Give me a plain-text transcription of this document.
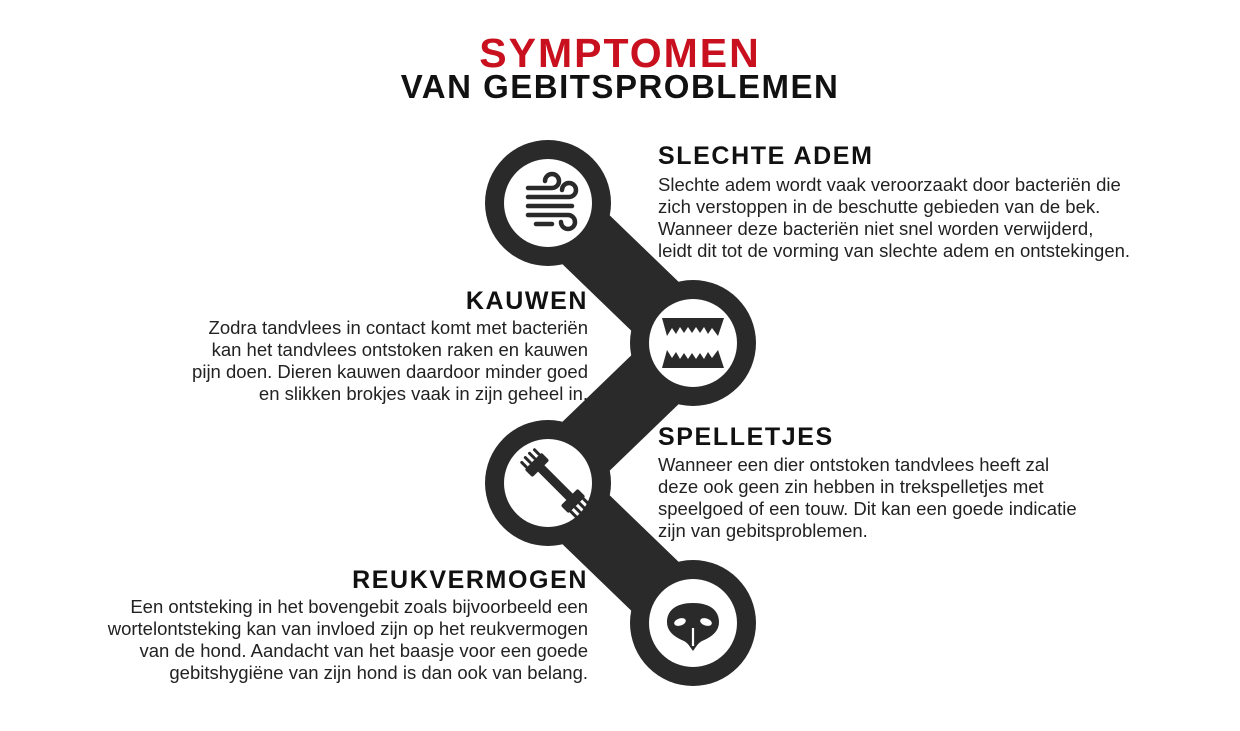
SYMPTOMEN
VAN GEBITSPROBLEMEN
SLECHTE ADEM

Slechte adem wordt vaak veroorzaakt door bacteriën die
zich verstoppen in de beschutte gebieden van de bek.
Wanneer deze bacteriën niet snel worden verwijderd,
leidt dit tot de vorming van slechte adem en ontstekingen.

KAUWEN

Zodra tandvlees in contact komt met bacteriën
kan het tandvlees ontstoken raken en kauwen
pijn doen. Dieren kauwen daardoor minder goed
en slikken brokjes vaak in zijn geheel in.

SPELLETJES

Wanneer een dier ontstoken tandvlees heeft zal
deze ook geen zin hebben in trekspelletjes met
speelgoed of een touw. Dit kan een goede indicatie
zijn van gebitsproblemen.

REUKVERMOGEN

Een ontsteking in het bovengebit zoals bijvoorbeeld een
wortelontsteking kan van invloed zijn op het reukvermogen
van de hond. Aandacht van het baasje voor een goede
gebitshygiëne van zijn hond is dan ook van belang.
